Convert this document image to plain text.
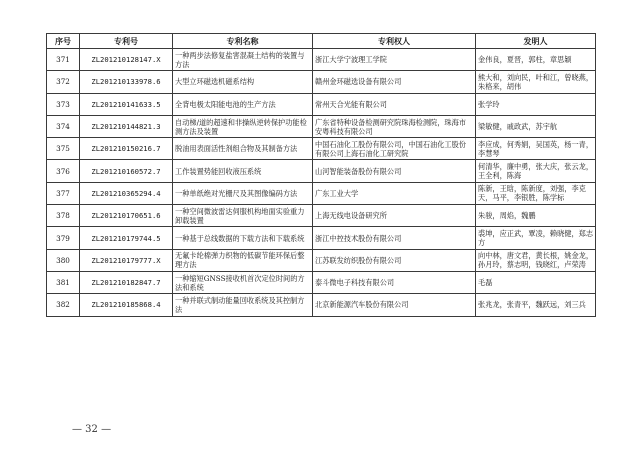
序号	专利号	专利名称	专利权人	发明人
371	ZL201210128147.X	一种两步法修复盐害混凝土结构的装置与方法	浙江大学宁波理工学院	金伟良，夏晋，郭柱，章思颖
372	ZL201210133978.6	大型立环磁选机磁系结构	赣州金环磁选设备有限公司	熊大和，刘向民，叶和江，曾晓燕，朱格来，胡伟
373	ZL201210141633.5	全背电极太阳能电池的生产方法	常州天合光能有限公司	张学玲
374	ZL201210144821.3	自动梯/道的超速和非操纵逆转保护功能检测方法及装置	广东省特种设备检测研究院珠海检测院，珠海市安粤科技有限公司	梁敏健，戚政武，苏宇航
375	ZL201210150216.7	脱油用表面活性剂组合物及其制备方法	中国石油化工股份有限公司，中国石油化工股份有限公司上海石油化工研究院	李应成，何秀娟，吴国英，杨一青，李慧琴
376	ZL201210160572.7	工作装置势能回收液压系统	山河智能装备股份有限公司	何清华，廉中勇，张大庆，张云龙，王全利，陈海
377	ZL201210365294.4	一种单纸绝对光栅尺及其图像编码方法	广东工业大学	陈新，王晗，陈新度，刘强，李克天，马平，李银胜，陈学标
378	ZL201210170651.6	一种空间微波雷达伺服机构地面实验重力卸载装置	上海无线电设备研究所	朱骏，周焰，魏鹏
379	ZL201210179744.5	一种基于总线数据的下载方法和下载系统	浙江中控技术股份有限公司	裘坤，应正武，覃凌，赖晓健，郑志方
380	ZL201210179777.X	无氟卡纶棉弹力织物的低碳节能环保后整理方法	江苏联发纺织股份有限公司	向中林，唐文君，黄长根，姚金龙，孙月玲，蔡志明，钱晓红，卢荣涛
381	ZL201210182847.7	一种缩短GNSS接收机首次定位时间的方法和系统	泰斗微电子科技有限公司	毛磊
382	ZL201210185868.4	一种并联式制动能量回收系统及其控制方法	北京新能源汽车股份有限公司	张兆龙，张青平，魏跃远，刘三兵
— 32 —
